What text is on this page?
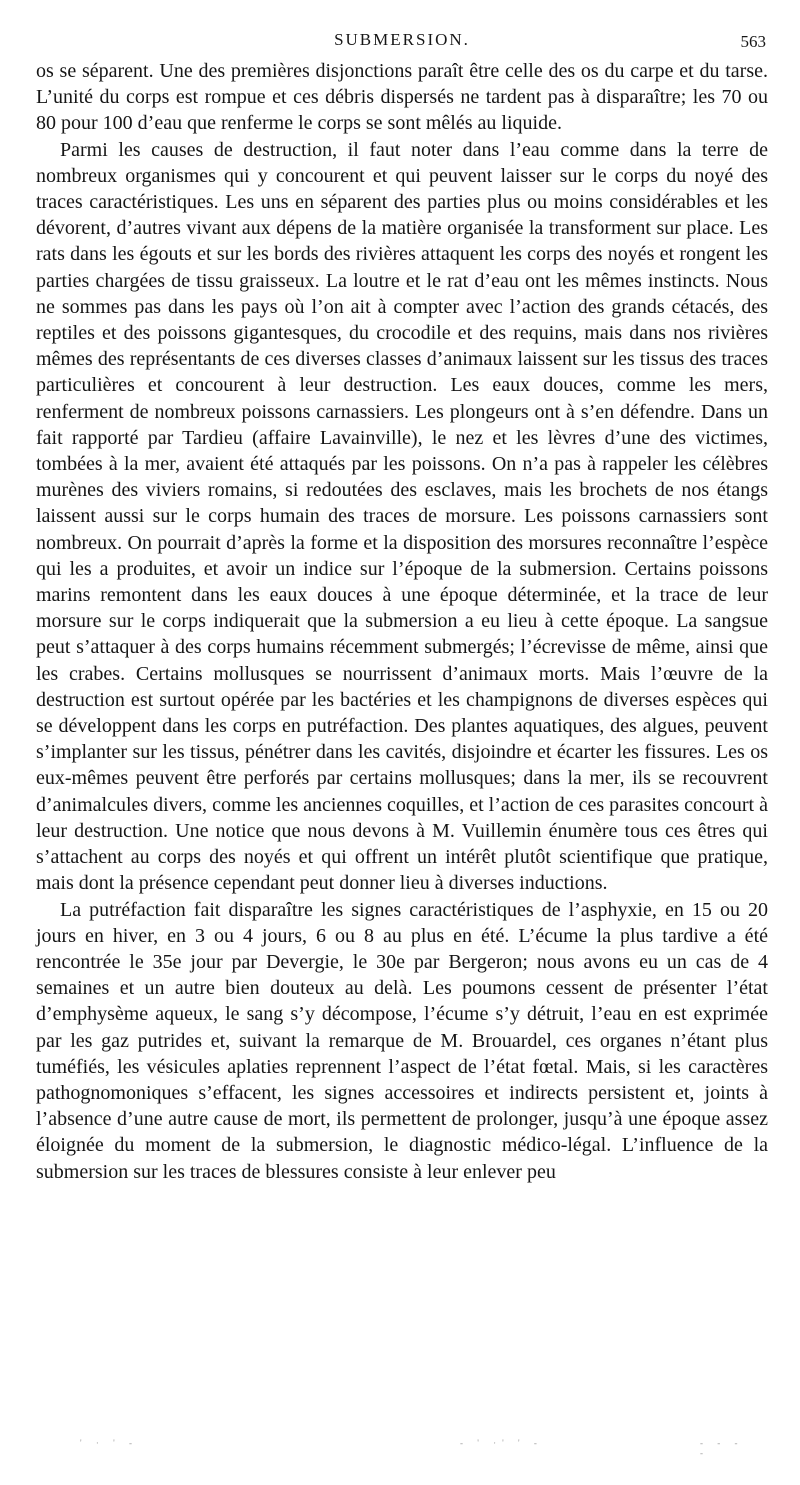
SUBMERSION.	563

os se séparent. Une des premières disjonctions paraît être celle des os du carpe et du tarse. L’unité du corps est rompue et ces débris dispersés ne tardent pas à disparaître; les 70 ou 80 pour 100 d’eau que renferme le corps se sont mêlés au liquide.

Parmi les causes de destruction, il faut noter dans l’eau comme dans la terre de nombreux organismes qui y concourent et qui peuvent laisser sur le corps du noyé des traces caractéristiques. Les uns en séparent des parties plus ou moins considérables et les dévorent, d’autres vivant aux dépens de la matière organisée la transforment sur place. Les rats dans les égouts et sur les bords des rivières attaquent les corps des noyés et rongent les parties chargées de tissu graisseux. La loutre et le rat d’eau ont les mêmes instincts. Nous ne sommes pas dans les pays où l’on ait à compter avec l’action des grands cétacés, des reptiles et des poissons gigantesques, du crocodile et des requins, mais dans nos rivières mêmes des représentants de ces diverses classes d’animaux laissent sur les tissus des traces particulières et concourent à leur destruction. Les eaux douces, comme les mers, renferment de nombreux poissons carnassiers. Les plongeurs ont à s’en défendre. Dans un fait rapporté par Tardieu (affaire Lavainville), le nez et les lèvres d’une des victimes, tombées à la mer, avaient été attaqués par les poissons. On n’a pas à rappeler les célèbres murènes des viviers romains, si redoutées des esclaves, mais les brochets de nos étangs laissent aussi sur le corps humain des traces de morsure. Les poissons carnassiers sont nombreux. On pourrait d’après la forme et la disposition des morsures reconnaître l’espèce qui les a produites, et avoir un indice sur l’époque de la submersion. Certains poissons marins remontent dans les eaux douces à une époque déterminée, et la trace de leur morsure sur le corps indiquerait que la submersion a eu lieu à cette époque. La sangsue peut s’attaquer à des corps humains récemment submergés; l’écrevisse de même, ainsi que les crabes. Certains mollusques se nourrissent d’animaux morts. Mais l’œuvre de la destruction est surtout opérée par les bactéries et les champignons de diverses espèces qui se développent dans les corps en putréfaction. Des plantes aquatiques, des algues, peuvent s’implanter sur les tissus, pénétrer dans les cavités, disjoindre et écarter les fissures. Les os eux-mêmes peuvent être perforés par certains mollusques; dans la mer, ils se recouvrent d’animalcules divers, comme les anciennes coquilles, et l’action de ces parasites concourt à leur destruction. Une notice que nous devons à M. Vuillemin énumère tous ces êtres qui s’attachent au corps des noyés et qui offrent un intérêt plutôt scientifique que pratique, mais dont la présence cependant peut donner lieu à diverses inductions.

La putréfaction fait disparaître les signes caractéristiques de l’asphyxie, en 15 ou 20 jours en hiver, en 3 ou 4 jours, 6 ou 8 au plus en été. L’écume la plus tardive a été rencontrée le 35e jour par Devergie, le 30e par Bergeron; nous avons eu un cas de 4 semaines et un autre bien douteux au delà. Les poumons cessent de présenter l’état d’emphysème aqueux, le sang s’y décompose, l’écume s’y détruit, l’eau en est exprimée par les gaz putrides et, suivant la remarque de M. Brouardel, ces organes n’étant plus tuméfiés, les vésicules aplaties reprennent l’aspect de l’état fœtal. Mais, si les caractères pathognomoniques s’effacent, les signes accessoires et indirects persistent et, joints à l’absence d’une autre cause de mort, ils permettent de prolonger, jusqu’à une époque assez éloignée du moment de la submersion, le diagnostic médico-légal. L’influence de la submersion sur les traces de blessures consiste à leur enlever peu

' · ' -	- ' ·' ' -	- - - -
